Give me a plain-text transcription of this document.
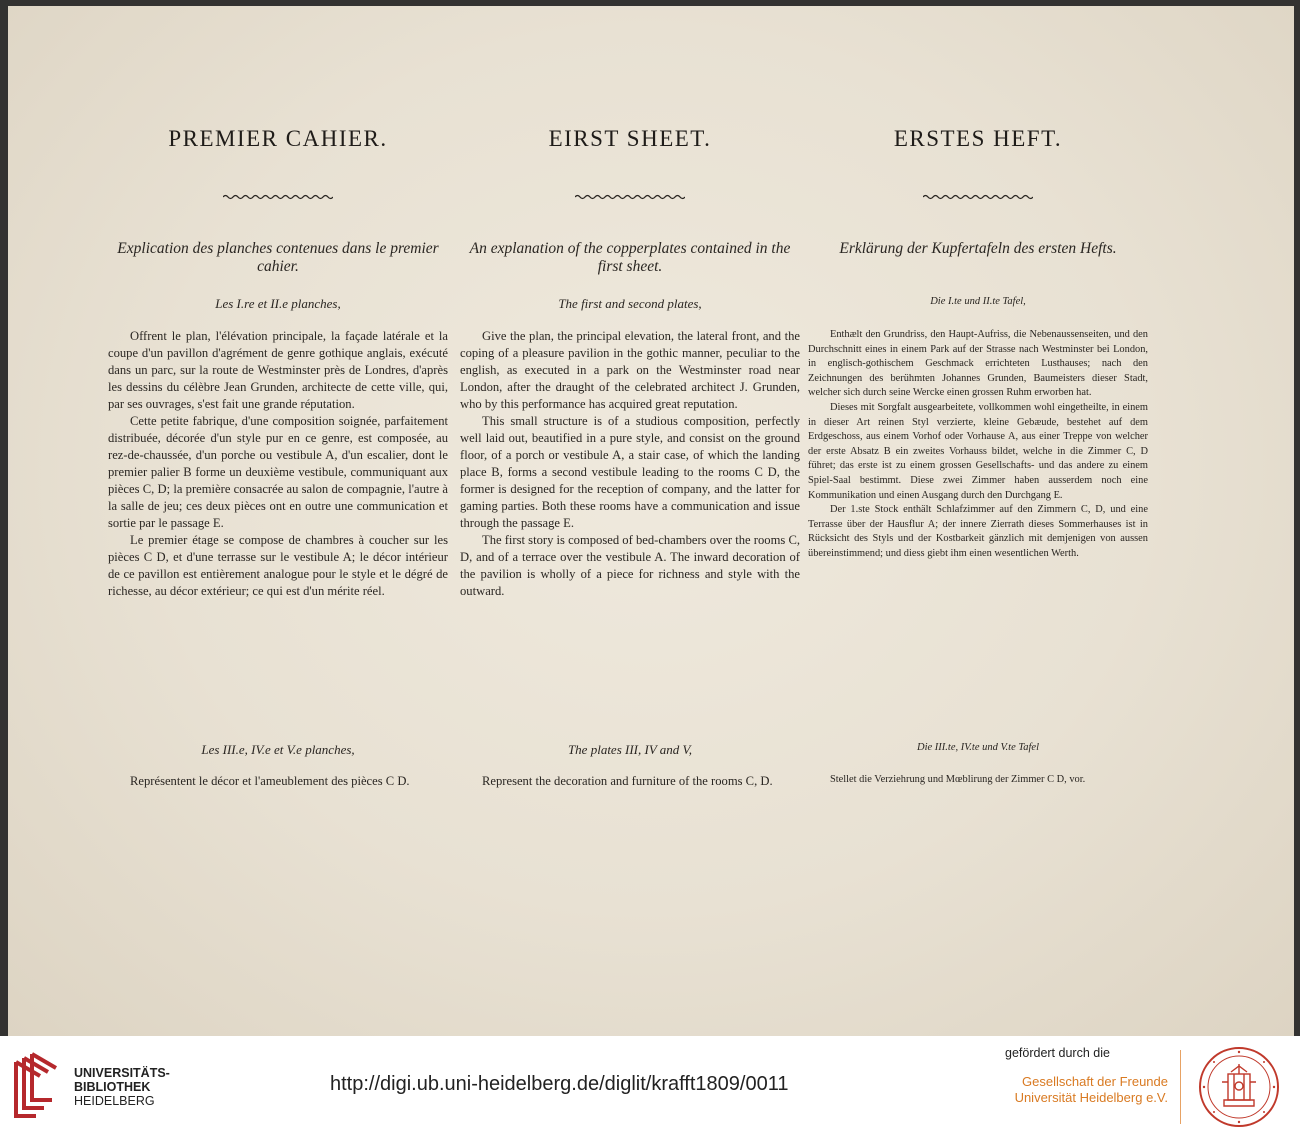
PREMIER CAHIER.
Explication des planches contenues dans le premier cahier.
Les I.re et II.e planches,

Offrent le plan, l'élévation principale, la façade latérale et la coupe d'un pavillon d'agrément de genre gothique anglais, exécuté dans un parc, sur la route de Westminster près de Londres, d'après les dessins du célèbre Jean Grunden, architecte de cette ville, qui, par ses ouvrages, s'est fait une grande réputation.

Cette petite fabrique, d'une composition soignée, parfaitement distribuée, décorée d'un style pur en ce genre, est composée, au rez-de-chaussée, d'un porche ou vestibule A, d'un escalier, dont le premier palier B forme un deuxième vestibule, communiquant aux pièces C, D; la première consacrée au salon de compagnie, l'autre à la salle de jeu; ces deux pièces ont en outre une communication et sortie par le passage E.

Le premier étage se compose de chambres à coucher sur les pièces C D, et d'une terrasse sur le vestibule A; le décor intérieur de ce pavillon est entièrement analogue pour le style et le dégré de richesse, au décor extérieur; ce qui est d'un mérite réel.

Les III.e, IV.e et V.e planches,

Représentent le décor et l'ameublement des pièces C D.

EIRST SHEET.
An explanation of the copperplates contained in the first sheet.
The first and second plates,

Give the plan, the principal elevation, the lateral front, and the coping of a pleasure pavilion in the gothic manner, peculiar to the english, as executed in a park on the Westminster road near London, after the draught of the celebrated architect J. Grunden, who by this performance has acquired great reputation.

This small structure is of a studious composition, perfectly well laid out, beautified in a pure style, and consist on the ground floor, of a porch or vestibule A, a stair case, of which the landing place B, forms a second vestibule leading to the rooms C D, the former is designed for the reception of company, and the latter for gaming parties. Both these rooms have a communication and issue through the passage E.

The first story is composed of bed-chambers over the rooms C, D, and of a terrace over the vestibule A. The inward decoration of the pavilion is wholly of a piece for richness and style with the outward.

The plates III, IV and V,

Represent the decoration and furniture of the rooms C, D.

ERSTES HEFT.
Erklärung der Kupfertafeln des ersten Hefts.
Die I.te und II.te Tafel,

Enthælt den Grundriss, den Haupt-Aufriss, die Nebenaussenseiten, und den Durchschnitt eines in einem Park auf der Strasse nach Westminster bei London, in englisch-gothischem Geschmack errichteten Lusthauses; nach den Zeichnungen des berühmten Johannes Grunden, Baumeisters dieser Stadt, welcher sich durch seine Wercke einen grossen Ruhm erworben hat.

Dieses mit Sorgfalt ausgearbeitete, vollkommen wohl eingetheilte, in einem in dieser Art reinen Styl verzierte, kleine Gebæude, bestehet auf dem Erdgeschoss, aus einem Vorhof oder Vorhause A, aus einer Treppe von welcher der erste Absatz B ein zweites Vorhauss bildet, welche in die Zimmer C, D führet; das erste ist zu einem grossen Gesellschafts- und das andere zu einem Spiel-Saal bestimmt. Diese zwei Zimmer haben ausserdem noch eine Kommunikation und einen Ausgang durch den Durchgang E.

Der 1.ste Stock enthält Schlafzimmer auf den Zimmern C, D, und eine Terrasse über der Hausflur A; der innere Zierrath dieses Sommerhauses ist in Rücksicht des Styls und der Kostbarkeit gänzlich mit demjenigen von aussen übereinstimmend; und diess giebt ihm einen wesentlichen Werth.

Die III.te, IV.te und V.te Tafel

Stellet die Verziehrung und Mœblirung der Zimmer C D, vor.

UNIVERSITÄTS-
BIBLIOTHEK
HEIDELBERG
http://digi.ub.uni-heidelberg.de/diglit/krafft1809/0011
gefördert durch die
Gesellschaft der Freunde
Universität Heidelberg e.V.
